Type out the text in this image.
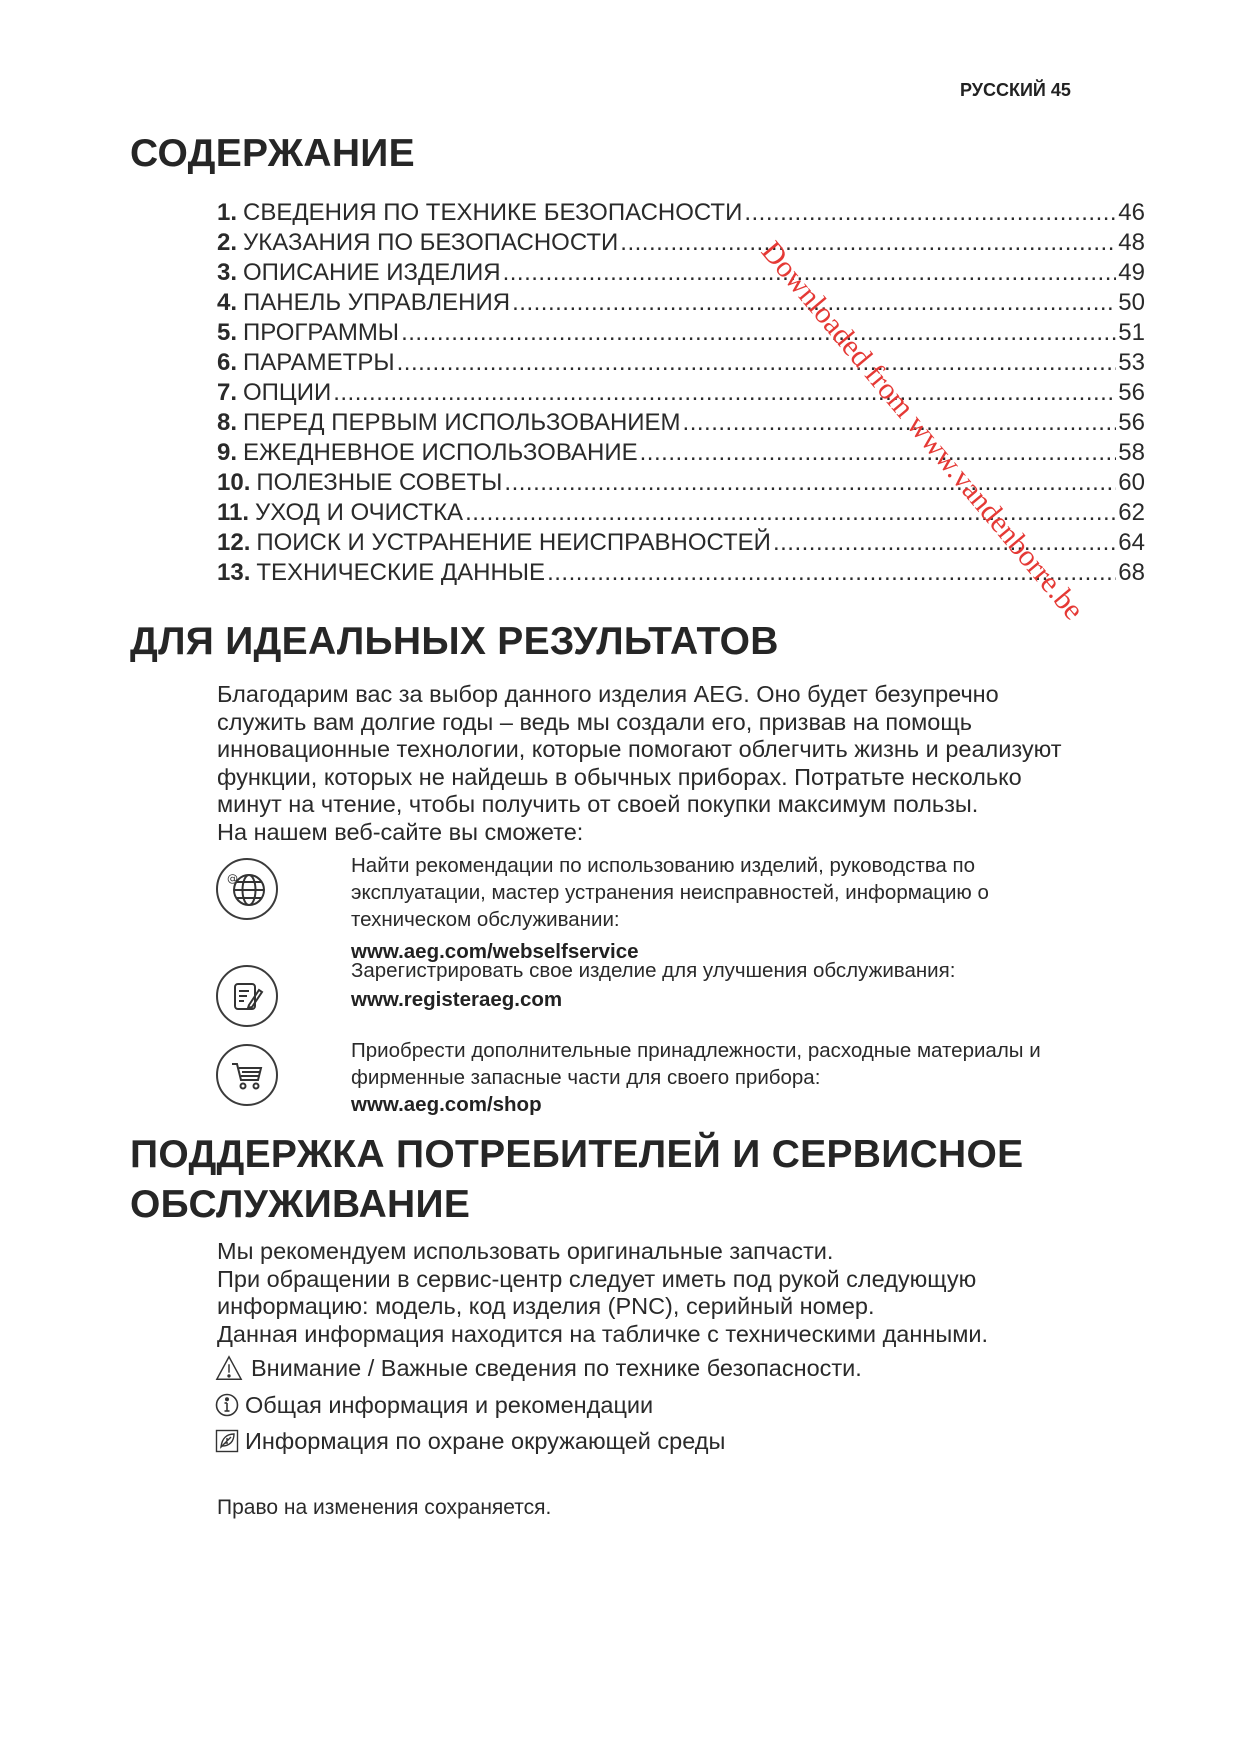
РУССКИЙ 45
СОДЕРЖАНИЕ
1. СВЕДЕНИЯ ПО ТЕХНИКЕ БЕЗОПАСНОСТИ .....	46
2. УКАЗАНИЯ ПО БЕЗОПАСНОСТИ .....	48
3. ОПИСАНИЕ ИЗДЕЛИЯ .....	49
4. ПАНЕЛЬ УПРАВЛЕНИЯ .....	50
5. ПРОГРАММЫ .....	51
6. ПАРАМЕТРЫ .....	53
7. ОПЦИИ .....	56
8. ПЕРЕД ПЕРВЫМ ИСПОЛЬЗОВАНИЕМ .....	56
9. ЕЖЕДНЕВНОЕ ИСПОЛЬЗОВАНИЕ .....	58
10. ПОЛЕЗНЫЕ СОВЕТЫ .....	60
11. УХОД И ОЧИСТКА .....	62
12. ПОИСК И УСТРАНЕНИЕ НЕИСПРАВНОСТЕЙ .....	64
13. ТЕХНИЧЕСКИЕ ДАННЫЕ .....	68
ДЛЯ ИДЕАЛЬНЫХ РЕЗУЛЬТАТОВ

Благодарим вас за выбор данного изделия AEG. Оно будет безупречно

служить вам долгие годы – ведь мы создали его, призвав на помощь

инновационные технологии, которые помогают облегчить жизнь и реализуют

функции, которых не найдешь в обычных приборах. Потратьте несколько

минут на чтение, чтобы получить от своей покупки максимум пользы.

На нашем веб-сайте вы сможете:

@
Найти рекомендации по использованию изделий, руководства по
эксплуатации, мастер устранения неисправностей, информацию о
техническом обслуживании:
www.aeg.com/webselfservice
Зарегистрировать свое изделие для улучшения обслуживания:
www.registeraeg.com
Приобрести дополнительные принадлежности, расходные материалы и
фирменные запасные части для своего прибора:
www.aeg.com/shop
ПОДДЕРЖКА ПОТРЕБИТЕЛЕЙ И СЕРВИСНОЕ
ОБСЛУЖИВАНИЕ

Мы рекомендуем использовать оригинальные запчасти.

При обращении в сервис-центр следует иметь под рукой следующую

информацию: модель, код изделия (PNC), серийный номер.

Данная информация находится на табличке с техническими данными.

Внимание / Важные сведения по технике безопасности.
Общая информация и рекомендации
Информация по охране окружающей среды
Право на изменения сохраняется.
Downloaded from www.vandenborre.be
